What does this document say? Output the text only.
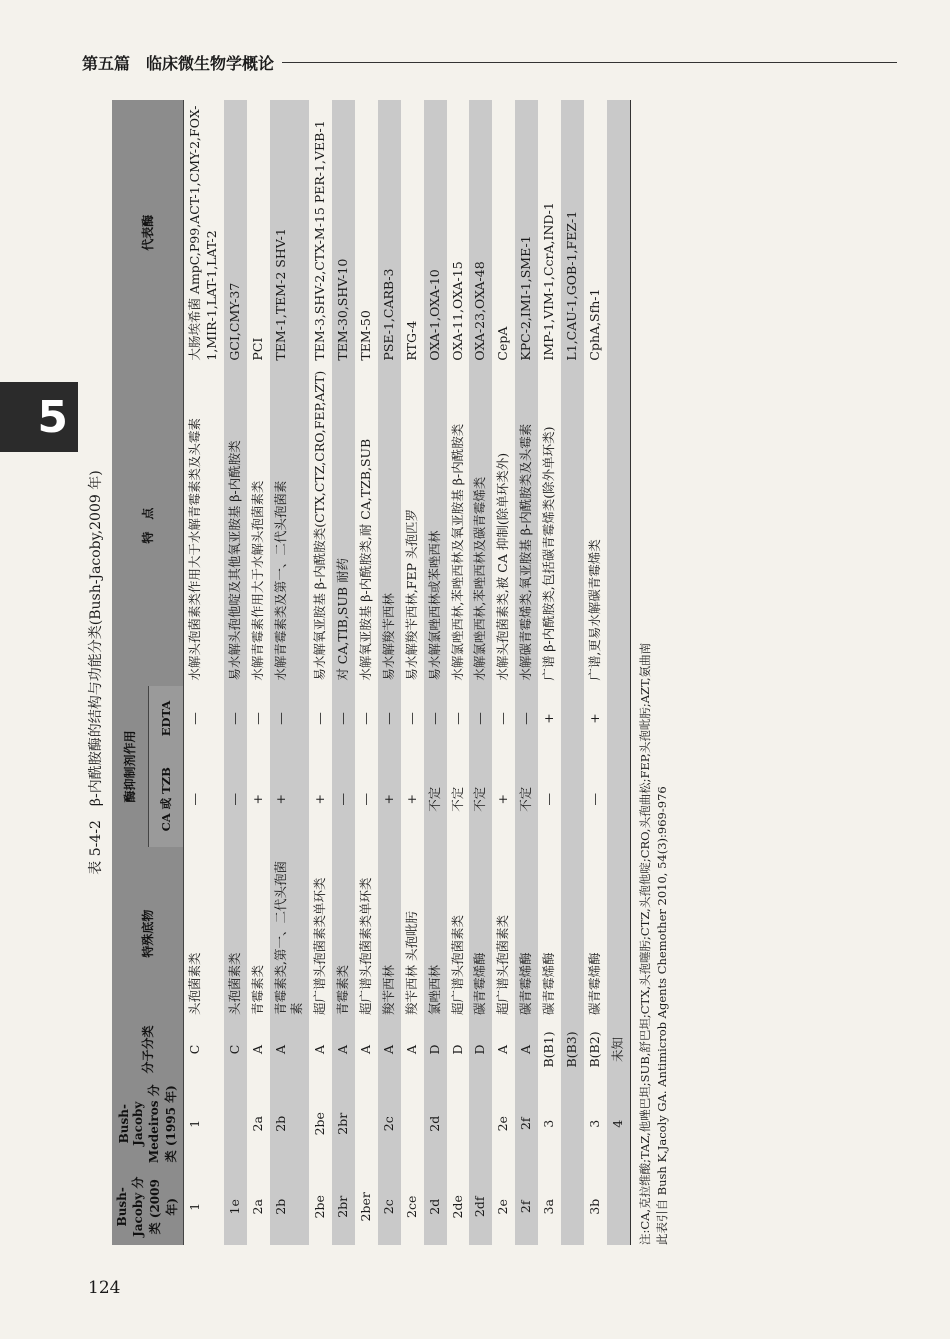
第五篇 临床微生物学概论
5
表 5-4-2　β-内酰胺酶的结构与功能分类(Bush-Jacoby,2009 年)
Bush-Jacoby 分类 (2009 年)	Bush-Jacoby Medeiros 分类 (1995 年)	分子分类	特殊底物	酶抑制剂作用		特　点	代表酶
				CA 或 TZB	EDTA		
1	1	C	头孢菌素类	—	—	水解头孢菌素类作用大于水解青霉素类及头霉素	大肠埃希菌 AmpC,P99,ACT-1,CMY-2,FOX-1,MIR-1,LAT-1,LAT-2
1e		C	头孢菌素类	—	—	易水解头孢他啶及其他氧亚胺基 β-内酰胺类	GCI,CMY-37
2a	2a	A	青霉素类	+	—	水解青霉素作用大于水解头孢菌素类	PCI
2b	2b	A	青霉素类,第一、二代头孢菌素	+	—	水解青霉素类及第一、二代头孢菌素	TEM-1,TEM-2 SHV-1
2be	2be	A	超广谱头孢菌素类单环类	+	—	易水解氧亚胺基 β-内酰胺类(CTX,CTZ,CRO,FEP,AZT)	TEM-3,SHV-2,CTX-M-15 PER-1,VEB-1
2br	2br	A	青霉素类	—	—	对 CA,TIB,SUB 耐药	TEM-30,SHV-10
2ber		A	超广谱头孢菌素类单环类	—	—	水解氧亚胺基 β-内酰胺类,耐 CA,TZB,SUB	TEM-50
2c	2c	A	羧苄西林	+	—	易水解羧苄西林	PSE-1,CARB-3
2ce		A	羧苄西林 头孢吡肟	+	—	易水解羧苄西林,FEP 头孢匹罗	RTG-4
2d	2d	D	氯唑西林	不定	—	易水解氯唑西林或苯唑西林	OXA-1,OXA-10
2de		D	超广谱头孢菌素类	不定	—	水解氯唑西林,苯唑西林及氧亚胺基 β-内酰胺类	OXA-11,OXA-15
2df		D	碳青霉烯酶	不定	—	水解氯唑西林,苯唑西林及碳青霉烯类	OXA-23,OXA-48
2e	2e	A	超广谱头孢菌素类	+	—	水解头孢菌素类,被 CA 抑制(除单环类外)	CepA
2f	2f	A	碳青霉烯酶	不定	—	水解碳青霉烯类,氧亚胺基 β-内酰胺类及头霉素	KPC-2,IMI-1,SME-1
3a	3	B(B1)	碳青霉烯酶	—	+	广谱 β-内酰胺类,包括碳青霉烯类(除外单环类)	IMP-1,VIM-1,CcrA,IND-1
		B(B3)					L1,CAU-1,GOB-1,FEZ-1
3b	3	B(B2)	碳青霉烯酶	—	+	广谱,更易水解碳青霉烯类	CphA,Sfh-1
	4	未知					注:CA,克拉维酸;TAZ,他唑巴坦;SUB,舒巴坦;CTX,头孢噻肟;CTZ,头孢他啶;CRO,头孢曲松;FEP,头孢吡肟;AZT,氨曲南 此表引自 Bush K,Jacoly GA. Antimicrob Agents Chemother 2010, 54(3):969-976
124
